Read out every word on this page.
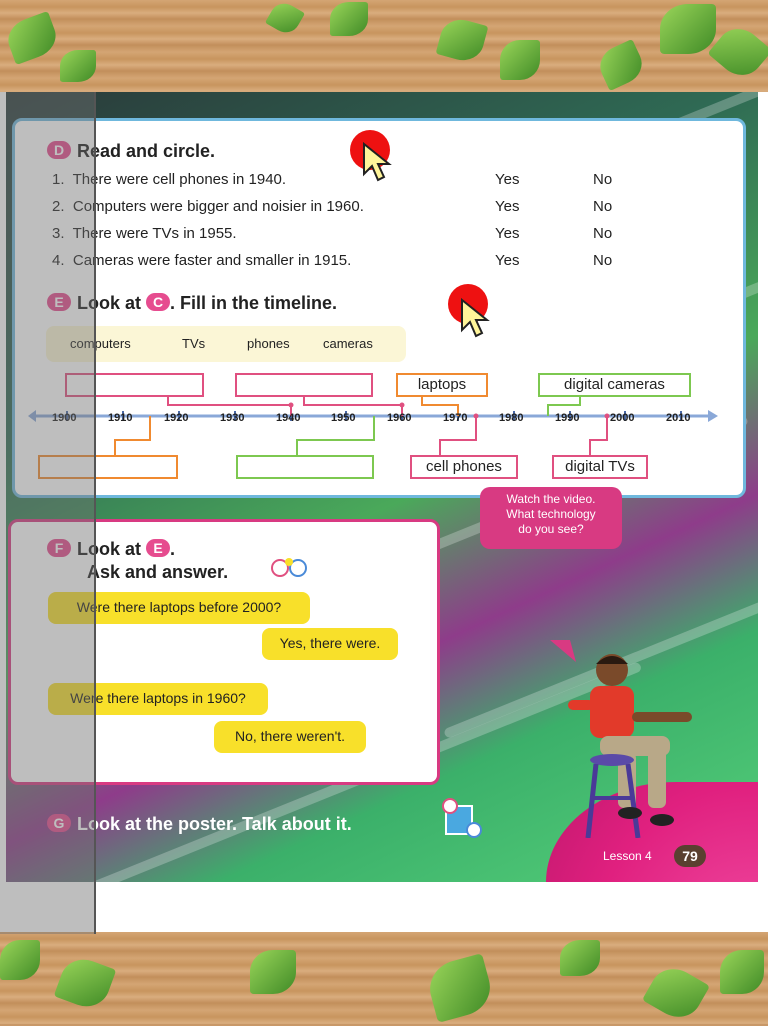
D Read and circle.
1. There were cell phones in 1940.	Yes	No
2. Computers were bigger and noisier in 1960.	Yes	No
3. There were TVs in 1955.	Yes	No
4. Cameras were faster and smaller in 1915.	Yes	No
E Look at C . Fill in the timeline.
computers	TVs	phones	cameras
laptops	digital cameras
cell phones	digital TVs
1900	1910	1920	1930	1940	1950	1960	1970	1980	1990	2000	2010
F Look at E .
Ask and answer.
Were there laptops before 2000?
Yes, there were.
Were there laptops in 1960?
No, there weren't.
Watch the video.
What technology
do you see?
G Look at the poster. Talk about it.
Lesson 4	79
